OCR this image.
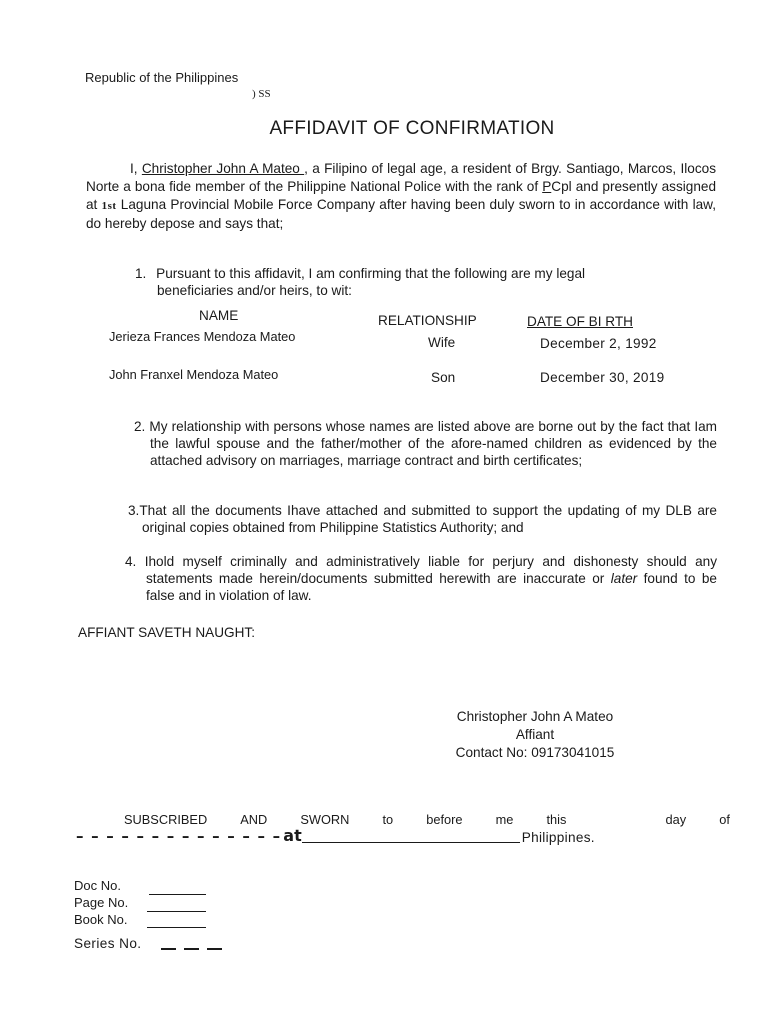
Republic of the Philippines
) SS
AFFIDAVIT OF CONFIRMATION
I, Christopher John A Mateo , a Filipino of legal age, a resident of Brgy. Santiago, Marcos, Ilocos Norte a bona fide member of the Philippine National Police with the rank of PCpl and presently assigned at 1st Laguna Provincial Mobile Force Company after having been duly sworn to in accordance with law, do hereby depose and says that;
1. Pursuant to this affidavit, I am confirming that the following are my legal
beneficiaries and/or heirs, to wit:
NAME	RELATIONSHIP	DATE OF BI RTH
Jerieza Frances Mendoza Mateo	Wife	December 2, 1992
John Franxel Mendoza Mateo	Son	December 30, 2019
2. My relationship with persons whose names are listed above are borne out by the fact that Iam the lawful spouse and the father/mother of the afore-named children as evidenced by the attached advisory on marriages, marriage contract and birth certificates;
3.That all the documents Ihave attached and submitted to support the updating of my DLB are original copies obtained from Philippine Statistics Authority; and
4. Ihold myself criminally and administratively liable for perjury and dishonesty should any statements made herein/documents submitted herewith are inaccurate or later found to be false and in violation of law.
AFFIANT SAVETH NAUGHT:
Christopher John A Mateo
Affiant
Contact No: 09173041015
SUBSCRIBED	AND	SWORN	to	before	me	this	day	of
– – – – – – – – – – – – – – at	Philippines.
Doc No.
Page No.
Book No.
Series No.
